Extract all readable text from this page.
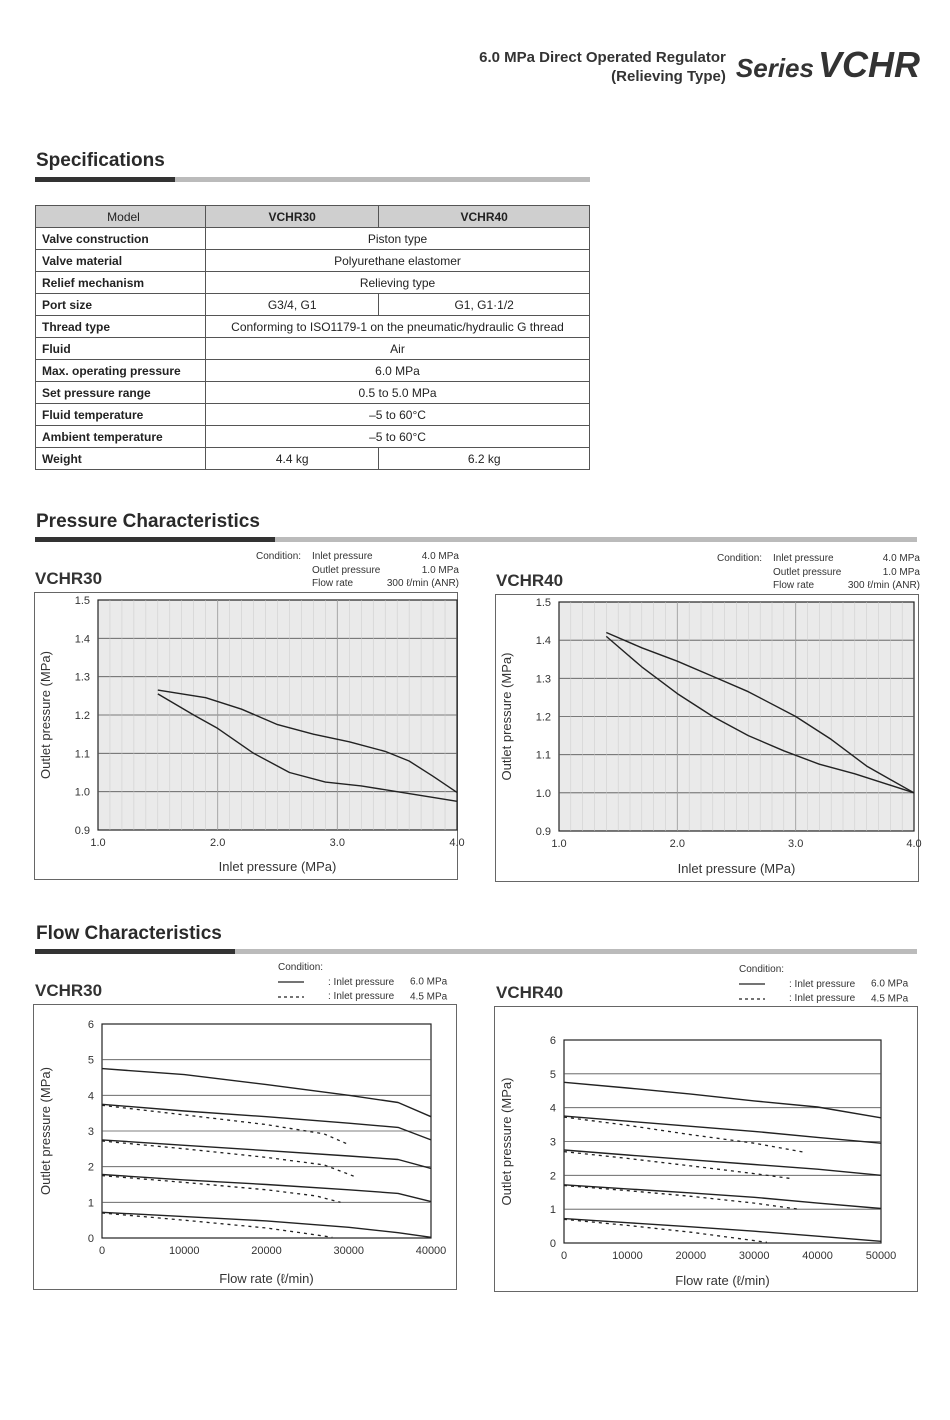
6.0 MPa Direct Operated Regulator
(Relieving Type) Series VCHR
Specifications
Model	VCHR30	VCHR40
Valve construction	Piston type	
Valve material	Polyurethane elastomer	
Relief mechanism	Relieving type	
Port size	G3/4, G1	G1, G1·1/2
Thread type	Conforming to ISO1179-1 on the pneumatic/hydraulic G thread	
Fluid	Air	
Max. operating pressure	6.0 MPa	
Set pressure range	0.5 to 5.0 MPa	
Fluid temperature	–5 to 60°C	
Ambient temperature	–5 to 60°C	
Weight	4.4 kg	6.2 kg
Pressure Characteristics
VCHR30
Condition: Inlet pressure	4.0 MPa
Outlet pressure	1.0 MPa
Flow rate	300 ℓ/min (ANR) VCHR40
Condition: Inlet pressure	4.0 MPa
Outlet pressure	1.0 MPa
Flow rate	300 ℓ/min (ANR)
0.9
1.0
1.1
1.2
1.3
1.4
1.5
1.0	2.0	3.0	4.0
Inlet pressure (MPa)
Outlet pressure (MPa)
0.9
1.0
1.1
1.2
1.3
1.4
1.5
1.0	2.0	3.0	4.0
Inlet pressure (MPa)
Outlet pressure (MPa)
Flow Characteristics
VCHR30
Condition:
: Inlet pressure 6.0 MPa
: Inlet pressure 4.5 MPa	VCHR40
Condition:
: Inlet pressure 6.0 MPa
: Inlet pressure 4.5 MPa
0
1
2
3
4
5
6
0	10000	20000	30000	40000
Flow rate (ℓ/min)
Outlet pressure (MPa)
0
1
2
3
4
5
6
0	10000	20000	30000	40000	50000
Flow rate (ℓ/min)
Outlet pressure (MPa)
